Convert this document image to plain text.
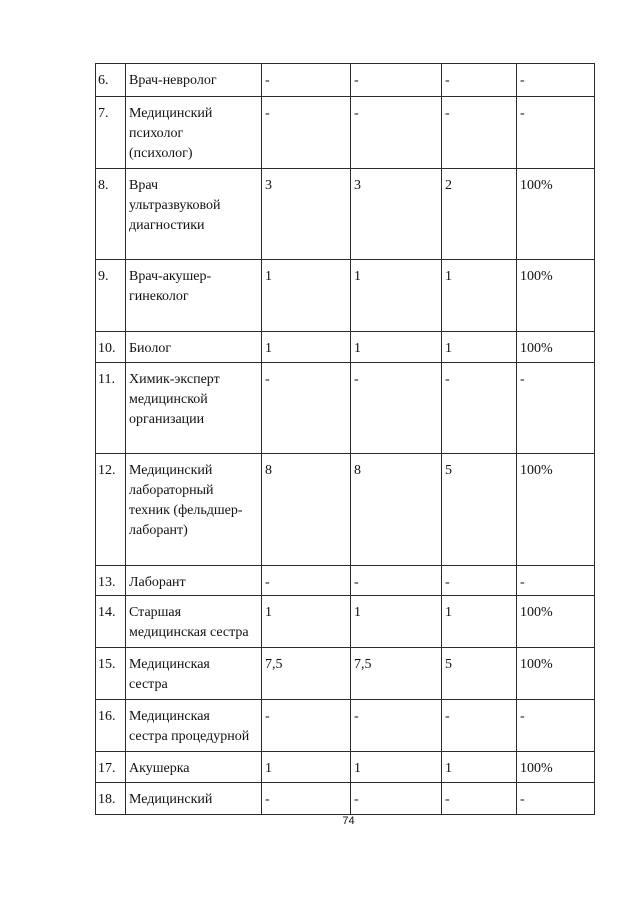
6.	Врач-невролог	-	-	-	-
7.	Медицинский
психолог
(психолог)	-	-	-	-
8.	Врач
ультразвуковой
диагностики	3	3	2	100%
9.	Врач-акушер-
гинеколог	1	1	1	100%
10.	Биолог	1	1	1	100%
11.	Химик-эксперт
медицинской
организации	-	-	-	-
12.	Медицинский
лабораторный
техник (фельдшер-
лаборант)	8	8	5	100%
13.	Лаборант	-	-	-	-
14.	Старшая
медицинская сестра	1	1	1	100%
15.	Медицинская
сестра	7,5	7,5	5	100%
16.	Медицинская
сестра процедурной	-	-	-	-
17.	Акушерка	1	1	1	100%
18.	Медицинский	-	-	-	-
74
